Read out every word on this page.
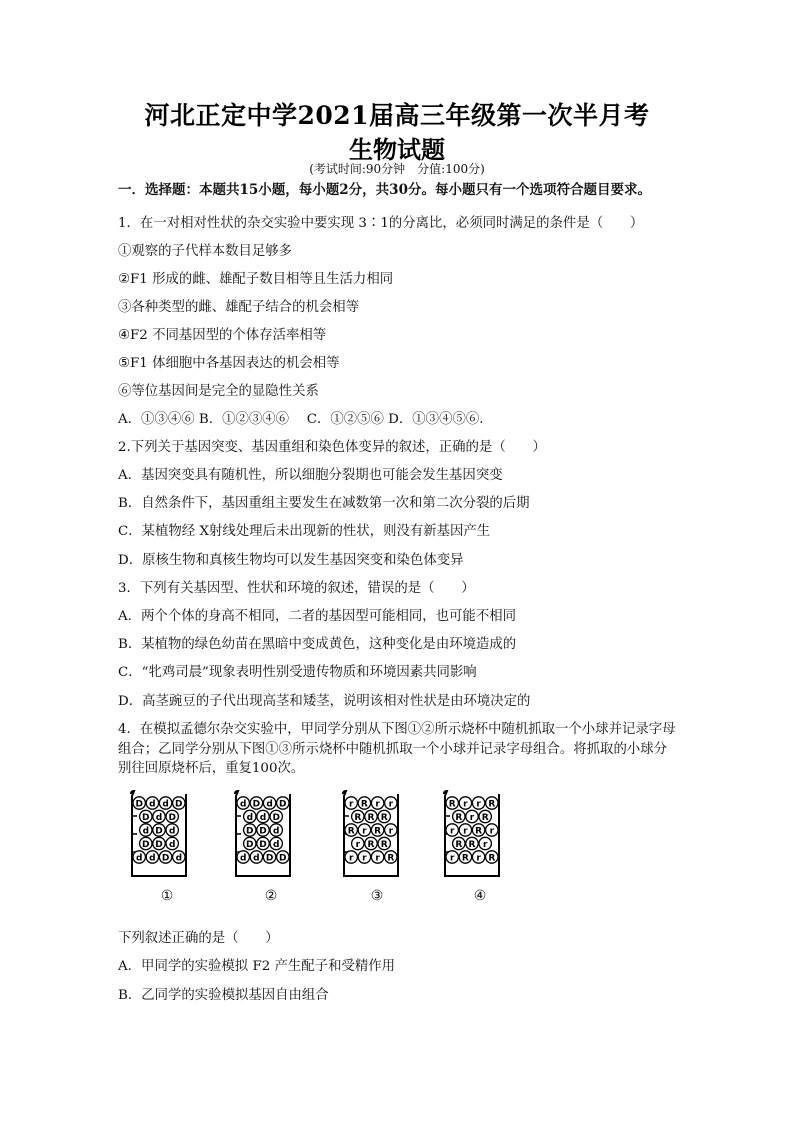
河北正定中学2021届高三年级第一次半月考
生物试题
(考试时间:90分钟　分值:100分)
一．选择题：本题共15小题，每小题2分，共30分。每小题只有一个选项符合题目要求。
1．在一对相对性状的杂交实验中要实现 3∶1的分离比，必须同时满足的条件是（　　）
①观察的子代样本数目足够多
②F1 形成的雌、雄配子数目相等且生活力相同
③各种类型的雌、雄配子结合的机会相等
④F2 不同基因型的个体存活率相等
⑤F1 体细胞中各基因表达的机会相等
⑥等位基因间是完全的显隐性关系
A．①③④⑥ B．①②③④⑥　 C．①②⑤⑥ D．①③④⑤⑥.
2.下列关于基因突变、基因重组和染色体变异的叙述，正确的是（　　）
A．基因突变具有随机性，所以细胞分裂期也可能会发生基因突变
B．自然条件下，基因重组主要发生在减数第一次和第二次分裂的后期
C．某植物经 X射线处理后未出现新的性状，则没有新基因产生
D．原核生物和真核生物均可以发生基因突变和染色体变异
3．下列有关基因型、性状和环境的叙述，错误的是（　　）
A．两个个体的身高不相同，二者的基因型可能相同，也可能不相同
B．某植物的绿色幼苗在黑暗中变成黄色，这种变化是由环境造成的
C．“牝鸡司晨”现象表明性别受遗传物质和环境因素共同影响
D．高茎豌豆的子代出现高茎和矮茎，说明该相对性状是由环境决定的
4．在模拟孟德尔杂交实验中，甲同学分别从下图①②所示烧杯中随机抓取一个小球并记录字母组合；乙同学分别从下图①③所示烧杯中随机抓取一个小球并记录字母组合。将抓取的小球分别往回原烧杯后，重复100次。
D d d D
D d D
d D d
D D d
d d D d
①
d D d D
d d D
D D d
D D d
d d D D
②
r R r r
R R R
R r R r
r R R
r r r R
③
R r r R
R r R
r r R r
R R r
r R r R
④
下列叙述正确的是（　　）
A．甲同学的实验模拟 F2 产生配子和受精作用
B．乙同学的实验模拟基因自由组合
